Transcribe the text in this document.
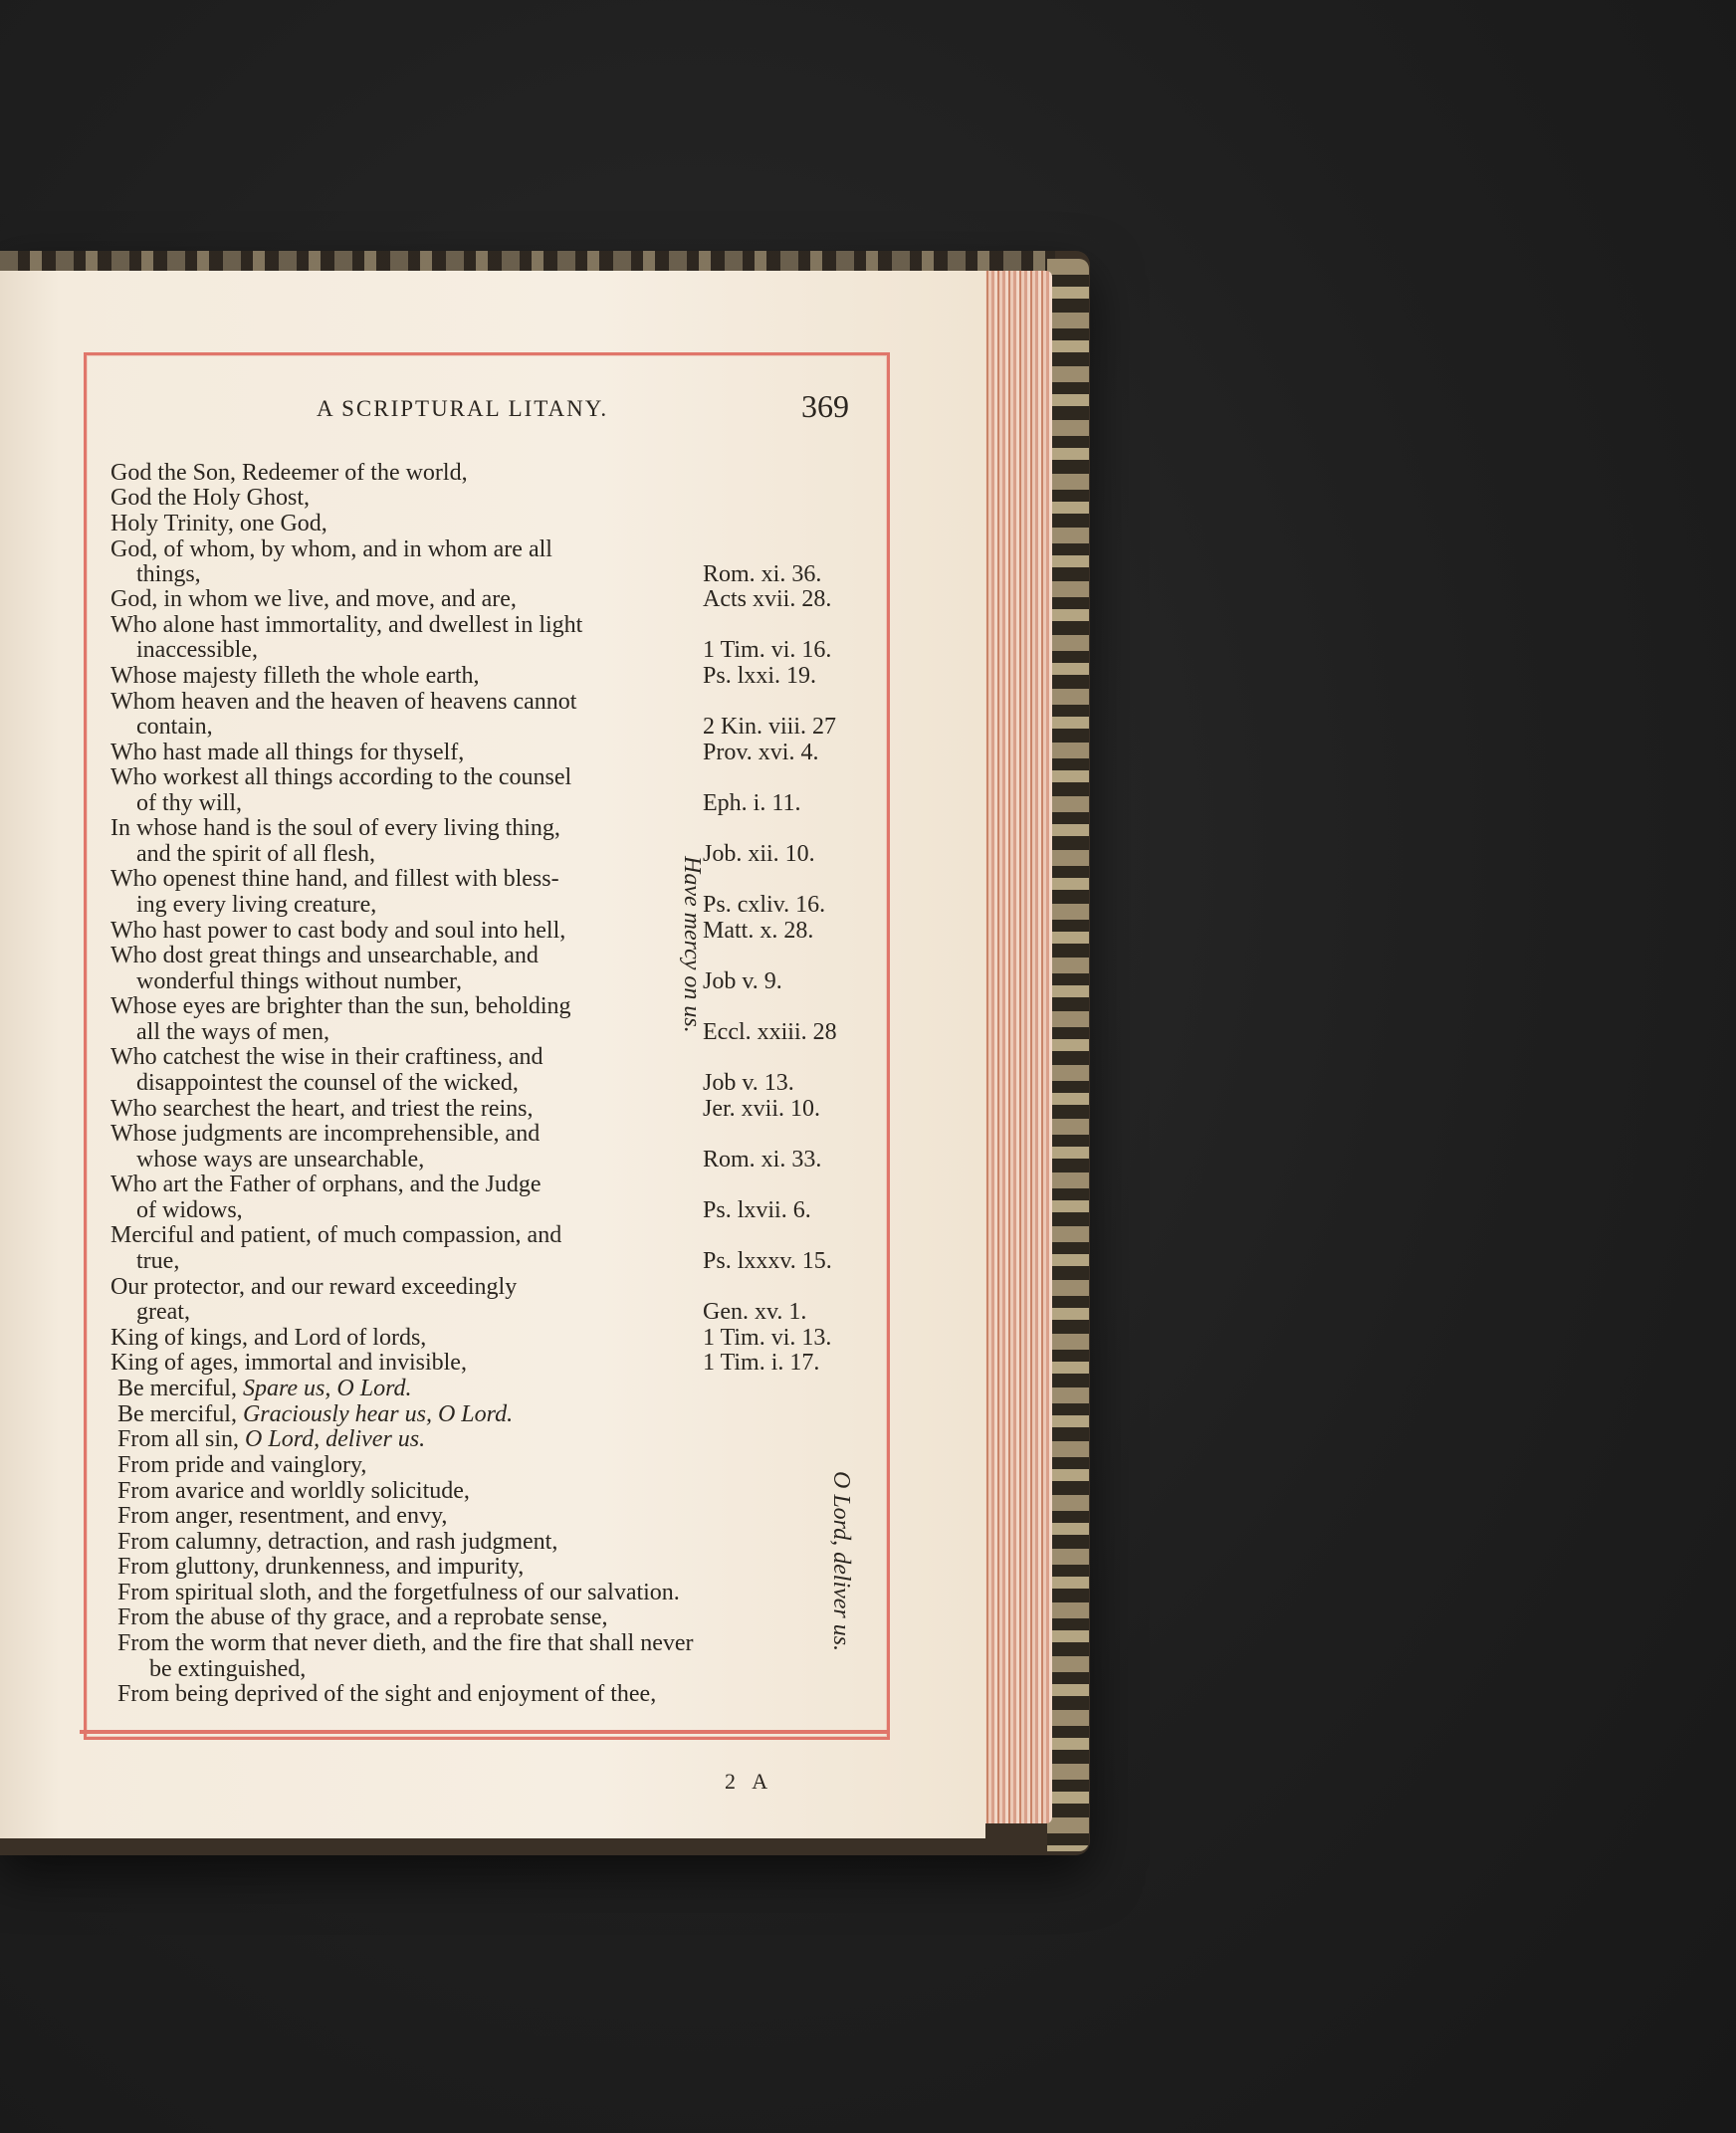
A SCRIPTURAL LITANY.	369
God the Son, Redeemer of the world,
God the Holy Ghost,
Holy Trinity, one God,
God, of whom, by whom, and in whom are all
things,
God, in whom we live, and move, and are,
Who alone hast immortality, and dwellest in light
inaccessible,
Whose majesty filleth the whole earth,
Whom heaven and the heaven of heavens cannot
contain,
Who hast made all things for thyself,
Who workest all things according to the counsel
of thy will,
In whose hand is the soul of every living thing,
and the spirit of all flesh,
Who openest thine hand, and fillest with bless-
ing every living creature,
Who hast power to cast body and soul into hell,
Who dost great things and unsearchable, and
wonderful things without number,
Whose eyes are brighter than the sun, beholding
all the ways of men,
Who catchest the wise in their craftiness, and
disappointest the counsel of the wicked,
Who searchest the heart, and triest the reins,
Whose judgments are incomprehensible, and
whose ways are unsearchable,
Who art the Father of orphans, and the Judge
of widows,
Merciful and patient, of much compassion, and
true,
Our protector, and our reward exceedingly
great,
King of kings, and Lord of lords,
King of ages, immortal and invisible,
Be merciful, Spare us, O Lord.
Be merciful, Graciously hear us, O Lord.
From all sin, O Lord, deliver us.
From pride and vainglory,
From avarice and worldly solicitude,
From anger, resentment, and envy,
From calumny, detraction, and rash judgment,
From gluttony, drunkenness, and impurity,
From spiritual sloth, and the forgetfulness of our salvation.
From the abuse of thy grace, and a reprobate sense,
From the worm that never dieth, and the fire that shall never
be extinguished,
From being deprived of the sight and enjoyment of thee,
Rom. xi. 36.
Acts xvii. 28.
1 Tim. vi. 16.
Ps. lxxi. 19.
2 Kin. viii. 27
Prov. xvi. 4.
Eph. i. 11.
Job. xii. 10.
Ps. cxliv. 16.
Matt. x. 28.
Job v. 9.
Eccl. xxiii. 28
Job v. 13.
Jer. xvii. 10.
Rom. xi. 33.
Ps. lxvii. 6.
Ps. lxxxv. 15.
Gen. xv. 1.
1 Tim. vi. 13.
1 Tim. i. 17.
Have mercy on us.
O Lord, deliver us.
2 A
